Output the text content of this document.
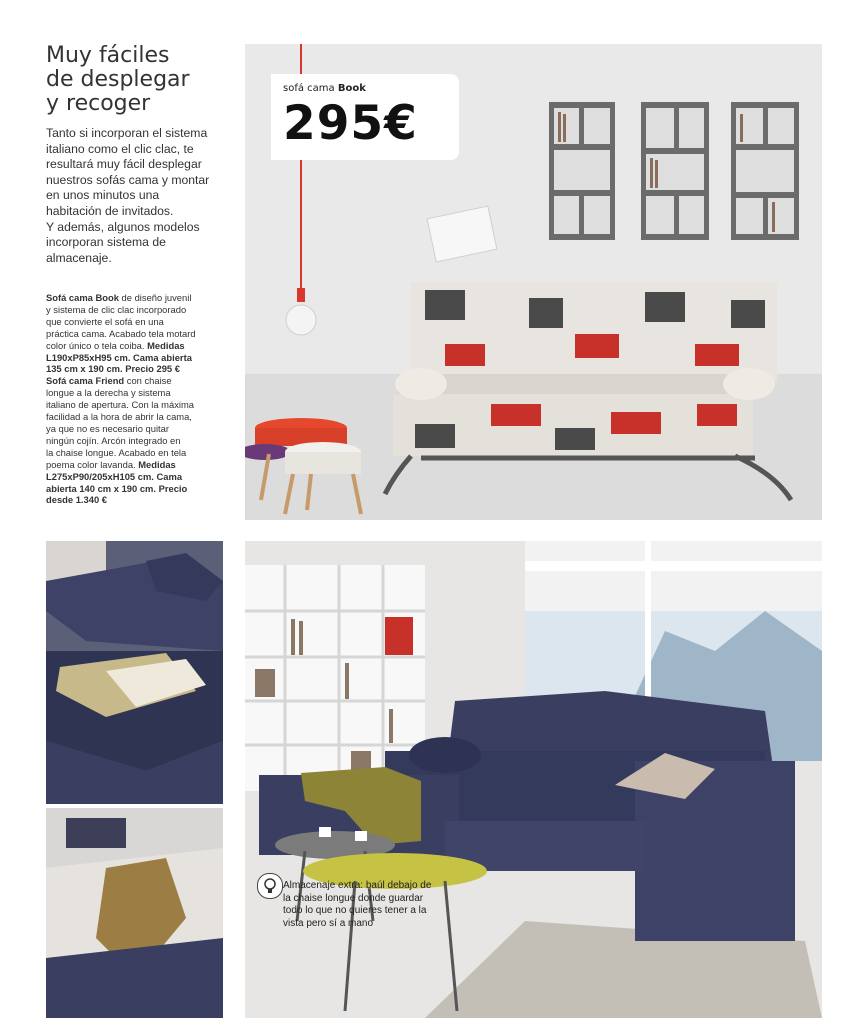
Muy fáciles
de desplegar
y recoger
Tanto si incorporan el sistema
italiano como el clic clac, te
resultará muy fácil desplegar
nuestros sofás cama y montar
en unos minutos una
habitación de invitados.
Y además, algunos modelos
incorporan sistema de
almacenaje.
Sofá cama Book de diseño juvenil
y sistema de clic clac incorporado
que convierte el sofá en una
práctica cama. Acabado tela motard
color único o tela coiba. Medidas
L190xP85xH95 cm. Cama abierta
135 cm x 190 cm. Precio 295 €
Sofá cama Friend con chaise
longue a la derecha y sistema
italiano de apertura. Con la máxima
facilidad a la hora de abrir la cama,
ya que no es necesario quitar
ningún cojín. Arcón integrado en
la chaise longue. Acabado en tela
poema color lavanda. Medidas
L275xP90/205xH105 cm. Cama
abierta 140 cm x 190 cm. Precio
desde 1.340 €
sofá cama Book
295€
Almacenaje extra: baúl debajo de
la chaise longue donde guardar
todo lo que no quieres tener a la
vista pero sí a mano
